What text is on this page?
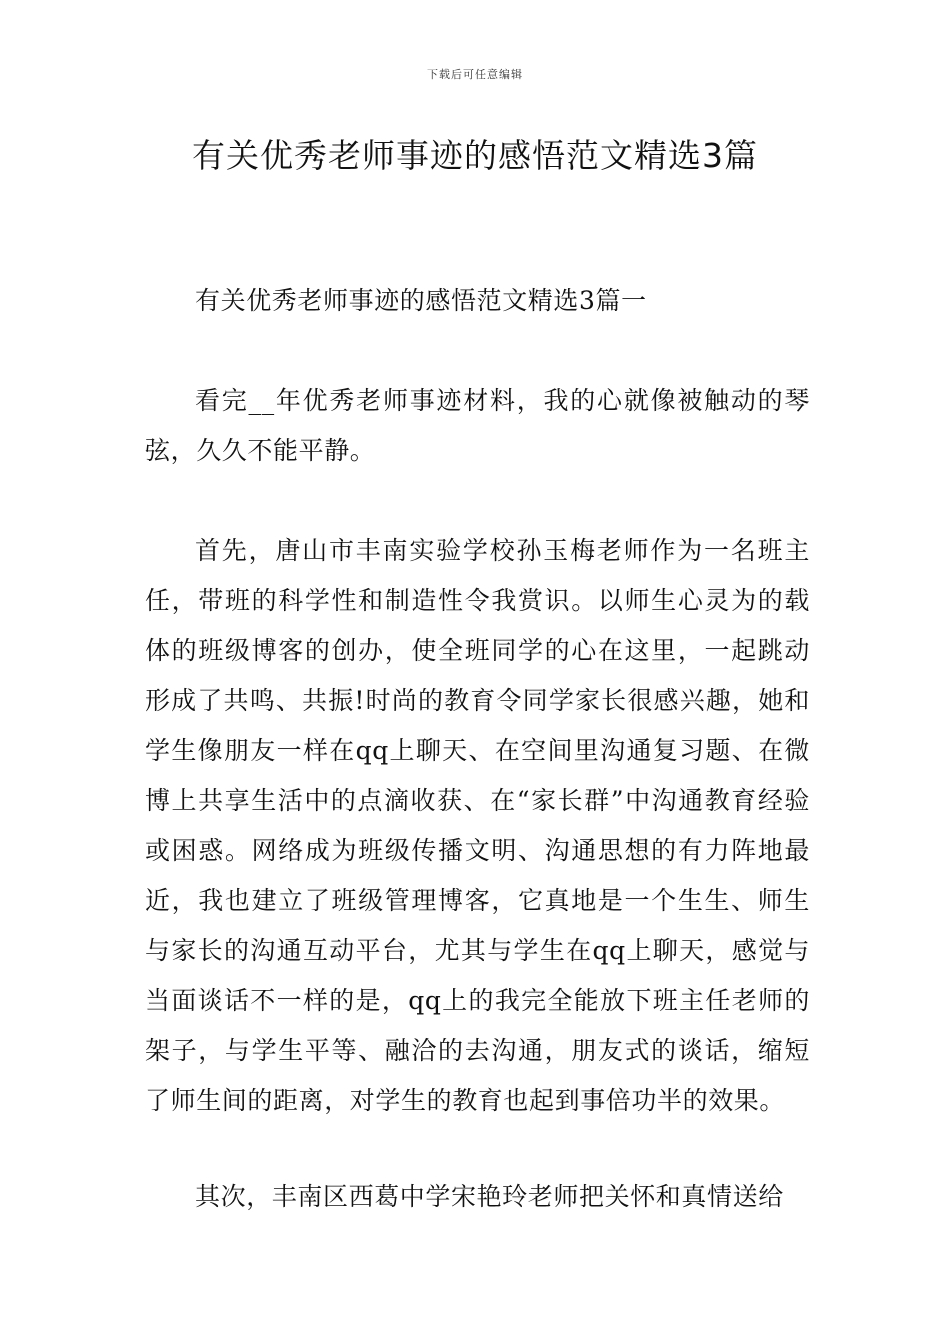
下载后可任意编辑
有关优秀老师事迹的感悟范文精选3篇

有关优秀老师事迹的感悟范文精选3篇一

看完__年优秀老师事迹材料，我的心就像被触动的琴弦，久久不能平静。

首先，唐山市丰南实验学校孙玉梅老师作为一名班主任，带班的科学性和制造性令我赏识。以师生心灵为的载体的班级博客的创办，使全班同学的心在这里，一起跳动形成了共鸣、共振!时尚的教育令同学家长很感兴趣，她和学生像朋友一样在qq上聊天、在空间里沟通复习题、在微博上共享生活中的点滴收获、在“家长群”中沟通教育经验或困惑。网络成为班级传播文明、沟通思想的有力阵地最近，我也建立了班级管理博客，它真地是一个生生、师生与家长的沟通互动平台，尤其与学生在qq上聊天，感觉与当面谈话不一样的是，qq上的我完全能放下班主任老师的架子，与学生平等、融洽的去沟通，朋友式的谈话，缩短了师生间的距离，对学生的教育也起到事倍功半的效果。

其次，丰南区西葛中学宋艳玲老师把关怀和真情送给
